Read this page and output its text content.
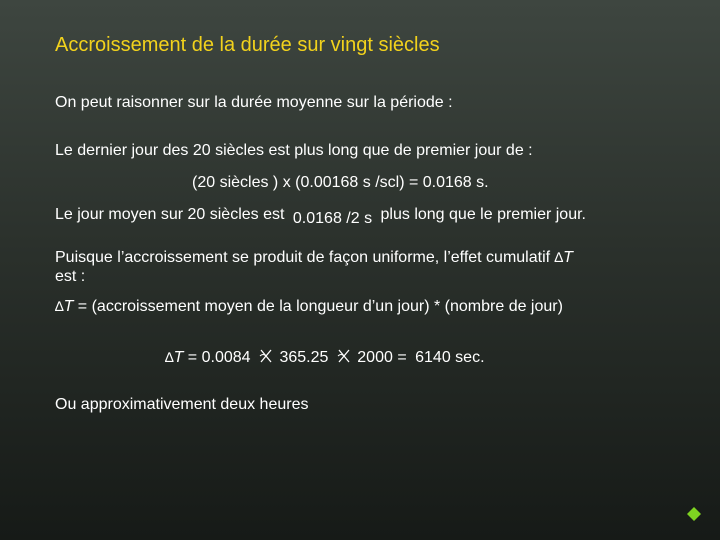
Accroissement de la durée sur vingt siècles
On peut raisonner sur la durée moyenne sur la période :
Le dernier jour des 20 siècles est plus long que de premier jour de :
(20 siècles ) x (0.00168 s /scl) = 0.0168 s.
Le jour moyen sur 20 siècles est 0.0168 /2 s plus long que le premier jour.
Puisque l’accroissement se produit de façon uniforme, l’effet cumulatif ∆T
est :
∆T = (accroissement moyen de la longueur d’un jour) * (nombre de jour)
∆T = 0.0084 365.25 2000 = 6140 sec.
Ou approximativement deux heures
